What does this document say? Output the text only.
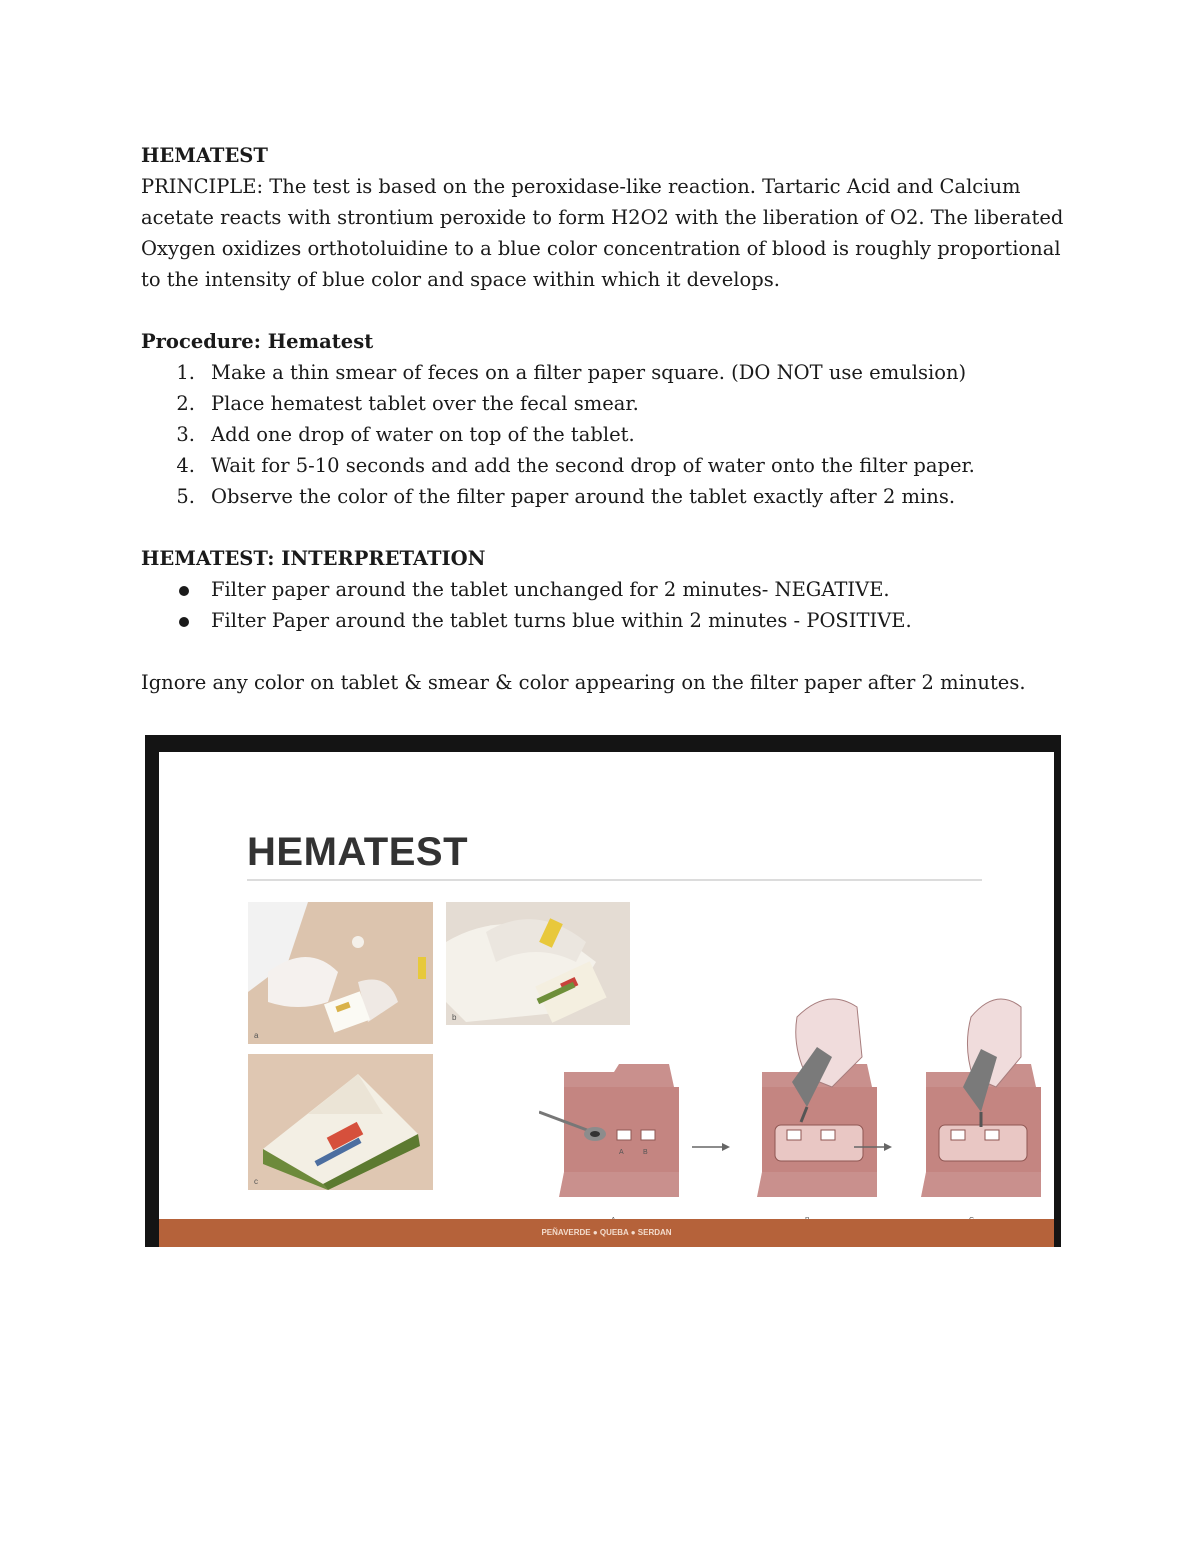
HEMATEST

PRINCIPLE: The test is based on the peroxidase-like reaction. Tartaric Acid and Calcium acetate reacts with strontium peroxide to form H2O2 with the liberation of O2. The liberated Oxygen oxidizes orthotoluidine to a blue color concentration of blood is roughly proportional to the intensity of blue color and space within which it develops.

Procedure: Hematest

1. Make a thin smear of feces on a filter paper square. (DO NOT use emulsion)
2. Place hematest tablet over the fecal smear.
3. Add one drop of water on top of the tablet.
4. Wait for 5-10 seconds and add the second drop of water onto the filter paper.
5. Observe the color of the filter paper around the tablet exactly after 2 mins.

HEMATEST: INTERPRETATION

Filter paper around the tablet unchanged for 2 minutes- NEGATIVE.
Filter Paper around the tablet turns blue within 2 minutes - POSITIVE.

Ignore any color on tablet & smear & color appearing on the filter paper after 2 minutes.

HEMATEST
a
b
c
A	B
PEÑAVERDE ● QUEBA ● SERDAN
